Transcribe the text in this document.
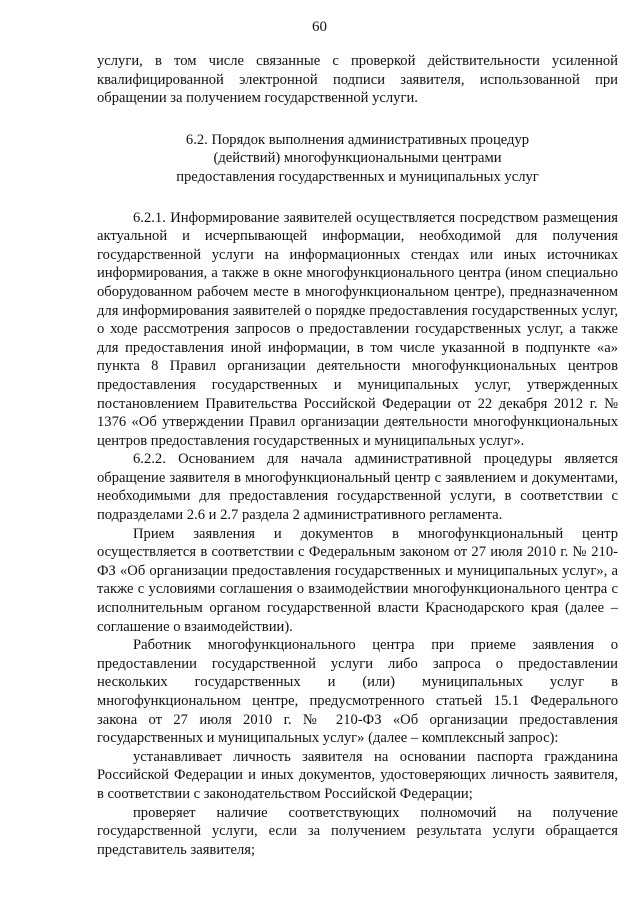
60

услуги, в том числе связанные с проверкой действительности усиленной квалифицированной электронной подписи заявителя, использованной при обращении за получением государственной услуги.

6.2. Порядок выполнения административных процедур
(действий) многофункциональными центрами
предоставления государственных и муниципальных услуг

6.2.1. Информирование заявителей осуществляется посредством размещения актуальной и исчерпывающей информации, необходимой для получения государственной услуги на информационных стендах или иных источниках информирования, а также в окне многофункционального центра (ином специально оборудованном рабочем месте в многофункциональном центре), предназначенном для информирования заявителей о порядке предоставления государственных услуг, о ходе рассмотрения запросов о предоставлении государственных услуг, а также для предоставления иной информации, в том числе указанной в подпункте «а» пункта 8 Правил организации деятельности многофункциональных центров предоставления государственных и муниципальных услуг, утвержденных постановлением Правительства Российской Федерации от 22 декабря 2012 г. № 1376 «Об утверждении Правил организации деятельности многофункциональных центров предоставления государственных и муниципальных услуг».

6.2.2. Основанием для начала административной процедуры является обращение заявителя в многофункциональный центр с заявлением и документами, необходимыми для предоставления государственной услуги, в соответствии с подразделами 2.6 и 2.7 раздела 2 административного регламента.

Прием заявления и документов в многофункциональный центр осуществляется в соответствии с Федеральным законом от 27 июля 2010 г. № 210-ФЗ «Об организации предоставления государственных и муниципальных услуг», а также с условиями соглашения о взаимодействии многофункционального центра с исполнительным органом государственной власти Краснодарского края (далее – соглашение о взаимодействии).

Работник многофункционального центра при приеме заявления о предоставлении государственной услуги либо запроса о предоставлении нескольких государственных и (или) муниципальных услуг в многофункциональном центре, предусмотренного статьей 15.1 Федерального закона от 27 июля 2010 г. № 210-ФЗ «Об организации предоставления государственных и муниципальных услуг» (далее – комплексный запрос):

устанавливает личность заявителя на основании паспорта гражданина Российской Федерации и иных документов, удостоверяющих личность заявителя, в соответствии с законодательством Российской Федерации;

проверяет наличие соответствующих полномочий на получение государственной услуги, если за получением результата услуги обращается представитель заявителя;
